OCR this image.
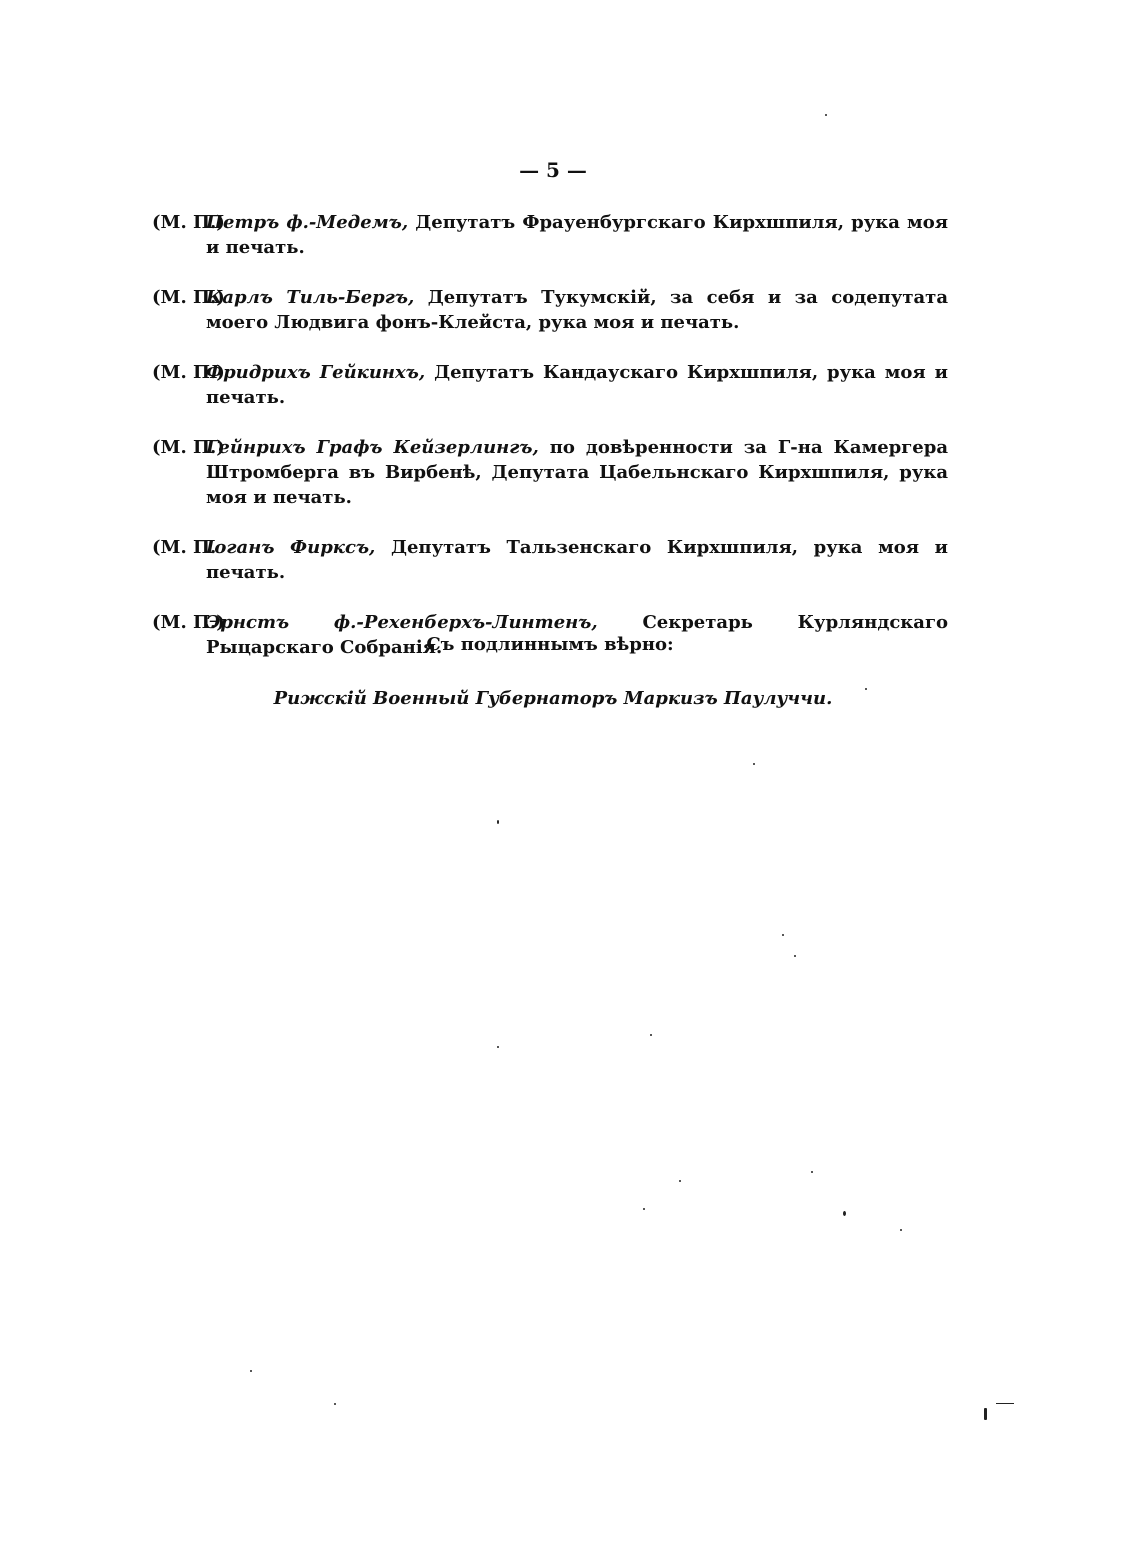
— 5 —
(М. П.)
Петръ ф.-Медемъ, Депутатъ Фрауенбургскаго Кирхшпиля, рука моя и печать.
(М. П.)
Карлъ Тиль-Бергъ, Депутатъ Тукумскій, за себя и за содепутата моего Людвига фонъ-Клейста, рука моя и печать.
(М. П.)
Фридрихъ Гейкинхъ, Депутатъ Кандаускаго Кирхшпиля, рука моя и печать.
(М. П.)
Гейнрихъ Графъ Кейзерлингъ, по довѣренности за Г-на Камергера Штромберга въ Вирбенѣ, Депутата Цабельнскаго Кирхшпиля, рука моя и печать.
(М. П.
Іоганъ Фирксъ, Депутатъ Тальзенскаго Кирхшпиля, рука моя и печать.
(М. П.)
Эрнстъ ф.-Рехенберхъ-Линтенъ, Секретарь Курляндскаго Рыцарскаго Собранія.
Съ подлиннымъ вѣрно:
Рижскій Военный Губернаторъ Маркизъ Паулуччи.
